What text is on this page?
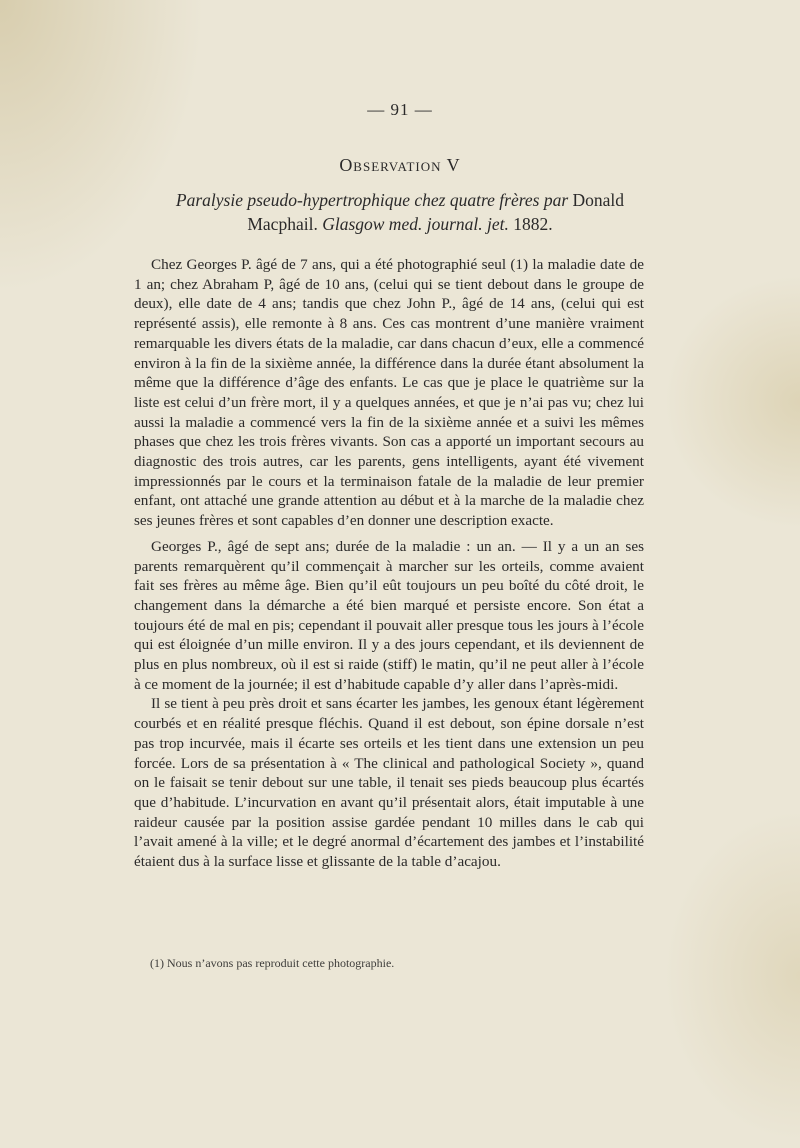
— 91 —
Observation V
Paralysie pseudo-hypertrophique chez quatre frères par Donald
Macphail. Glasgow med. journal. jet. 1882.

Chez Georges P. âgé de 7 ans, qui a été photographié seul (1) la maladie date de 1 an; chez Abraham P, âgé de 10 ans, (celui qui se tient debout dans le groupe de deux), elle date de 4 ans; tandis que chez John P., âgé de 14 ans, (celui qui est représenté assis), elle remonte à 8 ans. Ces cas montrent d’une manière vraiment remarquable les divers états de la maladie, car dans chacun d’eux, elle a commencé environ à la fin de la sixième année, la différence dans la durée étant absolument la même que la différence d’âge des enfants. Le cas que je place le quatrième sur la liste est celui d’un frère mort, il y a quelques années, et que je n’ai pas vu; chez lui aussi la maladie a commencé vers la fin de la sixième année et a suivi les mêmes phases que chez les trois frères vivants. Son cas a apporté un important secours au diagnostic des trois autres, car les parents, gens intelligents, ayant été vivement impressionnés par le cours et la terminaison fatale de la maladie de leur premier enfant, ont attaché une grande attention au début et à la marche de la maladie chez ses jeunes frères et sont capables d’en donner une description exacte.

Georges P., âgé de sept ans; durée de la maladie : un an. — Il y a un an ses parents remarquèrent qu’il commençait à marcher sur les orteils, comme avaient fait ses frères au même âge. Bien qu’il eût toujours un peu boîté du côté droit, le changement dans la démarche a été bien marqué et persiste encore. Son état a toujours été de mal en pis; cependant il pouvait aller presque tous les jours à l’école qui est éloignée d’un mille environ. Il y a des jours cependant, et ils deviennent de plus en plus nombreux, où il est si raide (stiff) le matin, qu’il ne peut aller à l’école à ce moment de la journée; il est d’habitude capable d’y aller dans l’après-midi.

Il se tient à peu près droit et sans écarter les jambes, les genoux étant légèrement courbés et en réalité presque fléchis. Quand il est debout, son épine dorsale n’est pas trop incurvée, mais il écarte ses orteils et les tient dans une extension un peu forcée. Lors de sa présentation à « The clinical and pathological Society », quand on le faisait se tenir debout sur une table, il tenait ses pieds beaucoup plus écartés que d’habitude. L’incurvation en avant qu’il présentait alors, était imputable à une raideur causée par la position assise gardée pendant 10 milles dans le cab qui l’avait amené à la ville; et le degré anormal d’écartement des jambes et l’instabilité étaient dus à la surface lisse et glissante de la table d’acajou.

(1) Nous n’avons pas reproduit cette photographie.
